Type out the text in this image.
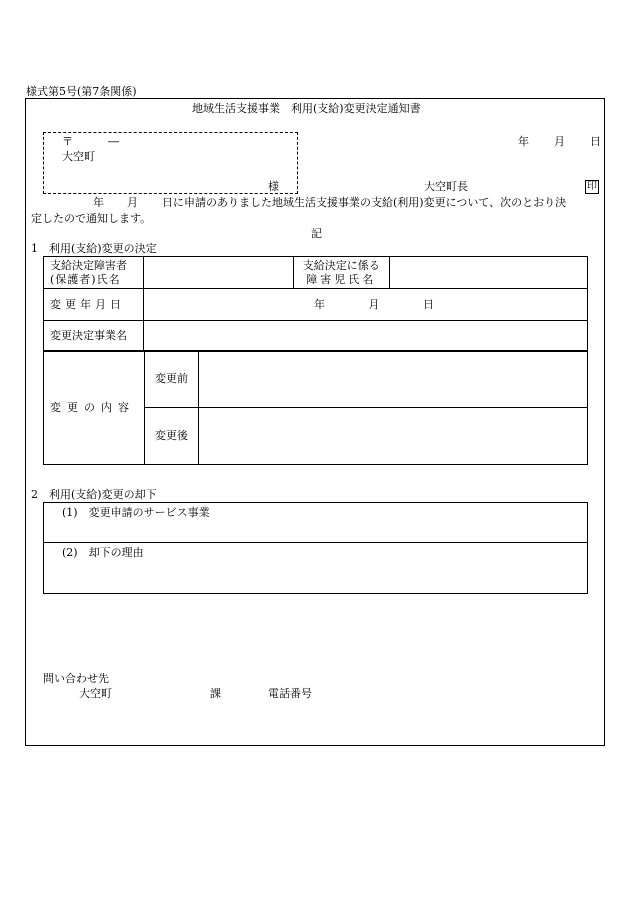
様式第5号(第7条関係)
地域生活支援事業　利用(支給)変更決定通知書
〒	―
大空町
様
年 月 日
大空町長	印
年 月 日に申請のありました地域生活支援事業の支給(利用)変更について、次のとおり決
定したので通知します。
記
1　利用(支給)変更の決定
支給決定障害者
(保護者)氏名		支給決定に係る
障害児氏名	
変更年月日	年 月 日		
変更決定事業名			
変更の内容	変更前	
	変更後	
2　利用(支給)変更の却下
(1)　変更申請のサービス事業
(2)　却下の理由
問い合わせ先
大空町	課	電話番号
